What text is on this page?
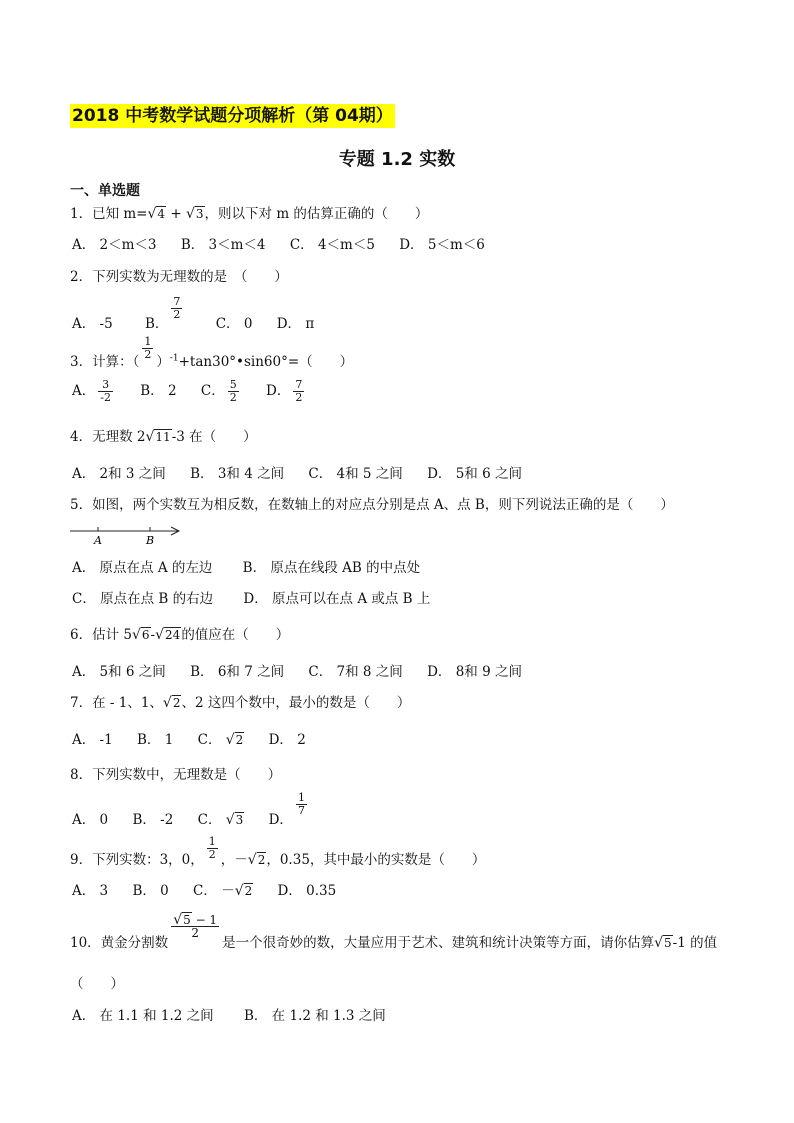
2018 中考数学试题分项解析（第 04期）
专题 1.2 实数
一、单选题
1．已知 m=√4 + √3，则以下对 m 的估算正确的（　　）
A． 2＜m＜3 B． 3＜m＜4 C． 4＜m＜5 D． 5＜m＜6
2．下列实数为无理数的是　（　　）
A． -5 B．
$\frac{7}{2}$
C． 0 D． π
3．计算：（
$\frac{1}{2}$
）$^{-1}$+tan30°•sin60°=（　　）
A． $\frac{3}{-2}$ B． 2 C． $\frac{5}{2}$ D． $\frac{7}{2}$
4．无理数 2√11-3 在（　　）
A． 2和 3 之间 B． 3和 4 之间 C． 4和 5 之间 D． 5和 6 之间
5．如图，两个实数互为相反数，在数轴上的对应点分别是点 A、点 B，则下列说法正确的是（　　）
A	B
A． 原点在点 A 的左边 B． 原点在线段 AB 的中点处
C． 原点在点 B 的右边 D． 原点可以在点 A 或点 B 上
6．估计 5√6-√24的值应在（　　）
A． 5和 6 之间 B． 6和 7 之间 C． 7和 8 之间 D． 8和 9 之间
7．在 - 1、1、√2、2 这四个数中，最小的数是（　　）
A． -1 B． 1 C． √2 D． 2
8．下列实数中，无理数是（　　）
A． 0 B． -2 C． √3 D．
$\frac{1}{7}$
9．下列实数：3，0， $\frac{1}{2}$ ，－√2，0.35，其中最小的实数是（　　）
A． 3 B． 0 C． －√2 D． 0.35
10．黄金分割数
$\frac{√5 - 1}{2}$
是一个很奇妙的数，大量应用于艺术、建筑和统计决策等方面，请你估算√5-1 的值
（　　）
A． 在 1.1 和 1.2 之间 B． 在 1.2 和 1.3 之间
